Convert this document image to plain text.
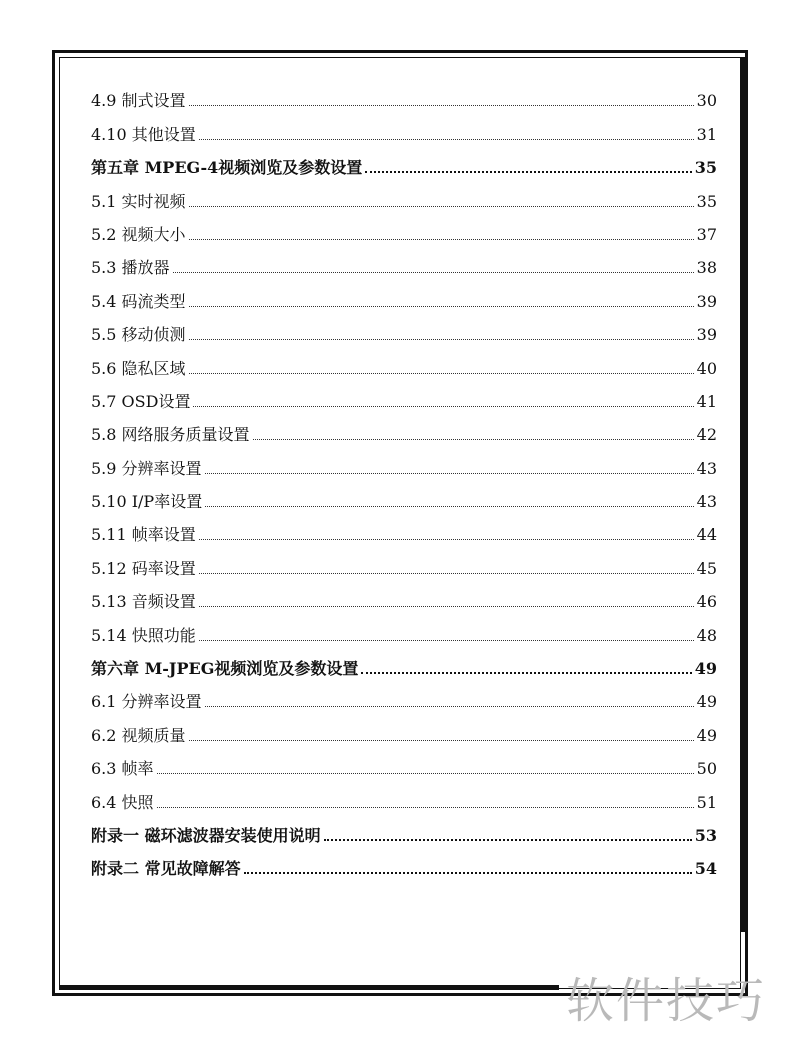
4.9 制式设置	30
4.10 其他设置	31
第五章 MPEG-4视频浏览及参数设置	35
5.1 实时视频	35
5.2 视频大小	37
5.3 播放器	38
5.4 码流类型	39
5.5 移动侦测	39
5.6 隐私区域	40
5.7 OSD设置	41
5.8 网络服务质量设置	42
5.9 分辨率设置	43
5.10 I/P率设置	43
5.11 帧率设置	44
5.12 码率设置	45
5.13 音频设置	46
5.14 快照功能	48
第六章 M-JPEG视频浏览及参数设置	49
6.1 分辨率设置	49
6.2 视频质量	49
6.3 帧率	50
6.4 快照	51
附录一 磁环滤波器安装使用说明	53
附录二 常见故障解答	54
软件技巧
